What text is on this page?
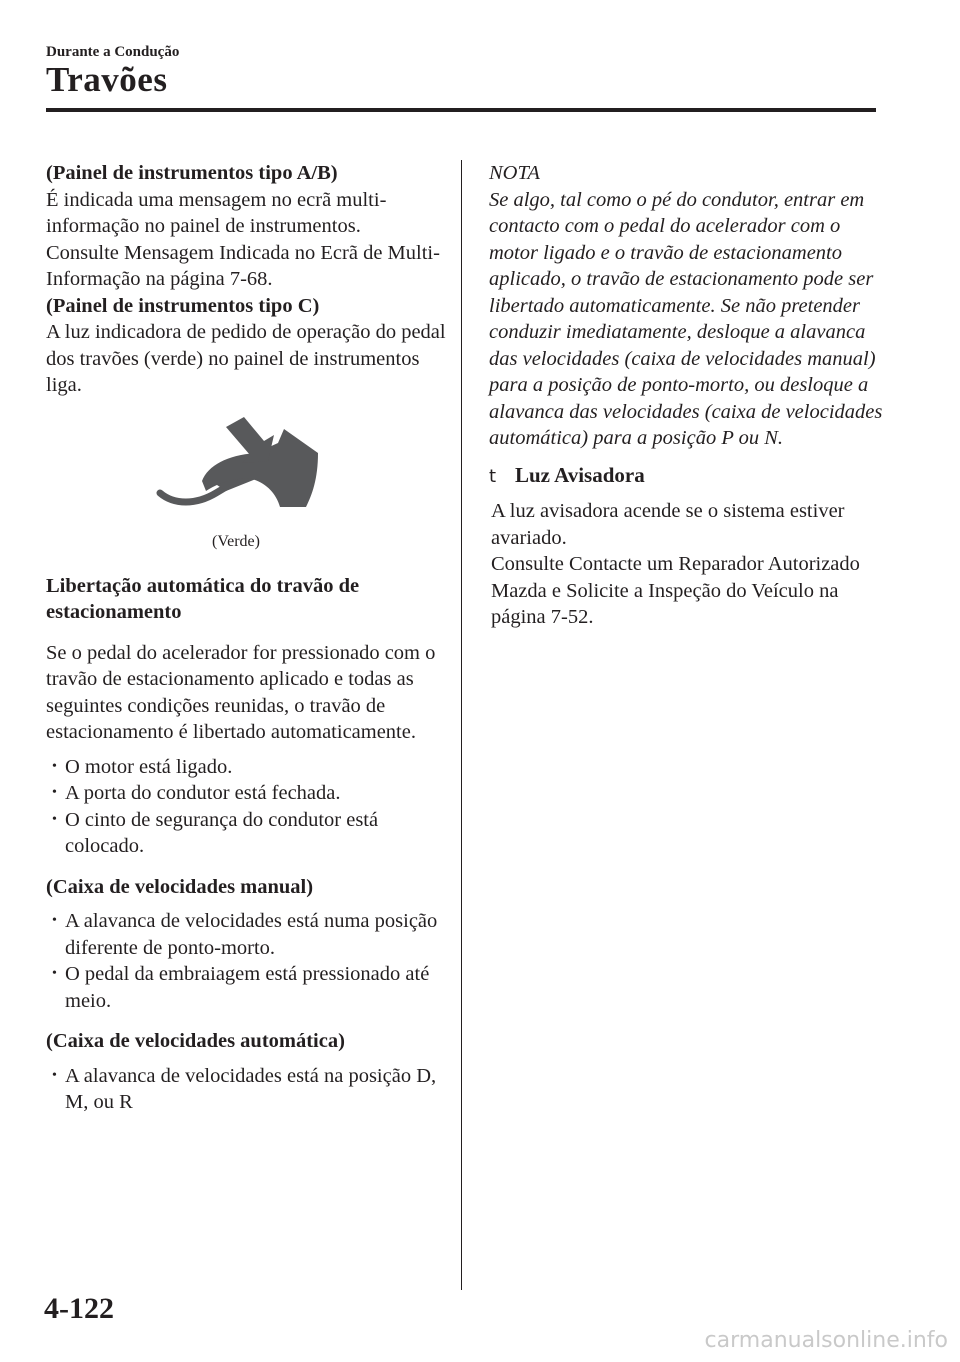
Durante a Condução
Travões

(Painel de instrumentos tipo A/B)

É indicada uma mensagem no ecrã multi-informação no painel de instrumentos.

Consulte Mensagem Indicada no Ecrã de Multi-Informação na página 7-68.

(Painel de instrumentos tipo C)

A luz indicadora de pedido de operação do pedal dos travões (verde) no painel de instrumentos liga.

(Verde)

Libertação automática do travão de estacionamento

Se o pedal do acelerador for pressionado com o travão de estacionamento aplicado e todas as seguintes condições reunidas, o travão de estacionamento é libertado automaticamente.

• O motor está ligado.
• A porta do condutor está fechada.
• O cinto de segurança do condutor está colocado.

(Caixa de velocidades manual)

• A alavanca de velocidades está numa posição diferente de ponto-morto.
• O pedal da embraiagem está pressionado até meio.

(Caixa de velocidades automática)

• A alavanca de velocidades está na posição D, M, ou R

NOTA

Se algo, tal como o pé do condutor, entrar em contacto com o pedal do acelerador com o motor ligado e o travão de estacionamento aplicado, o travão de estacionamento pode ser libertado automaticamente. Se não pretender conduzir imediatamente, desloque a alavanca das velocidades (caixa de velocidades manual) para a posição de ponto-morto, ou desloque a alavanca das velocidades (caixa de velocidades automática) para a posição P ou N.

t Luz Avisadora

A luz avisadora acende se o sistema estiver avariado.

Consulte Contacte um Reparador Autorizado Mazda e Solicite a Inspeção do Veículo na página 7-52.

4-122
carmanualsonline.info
